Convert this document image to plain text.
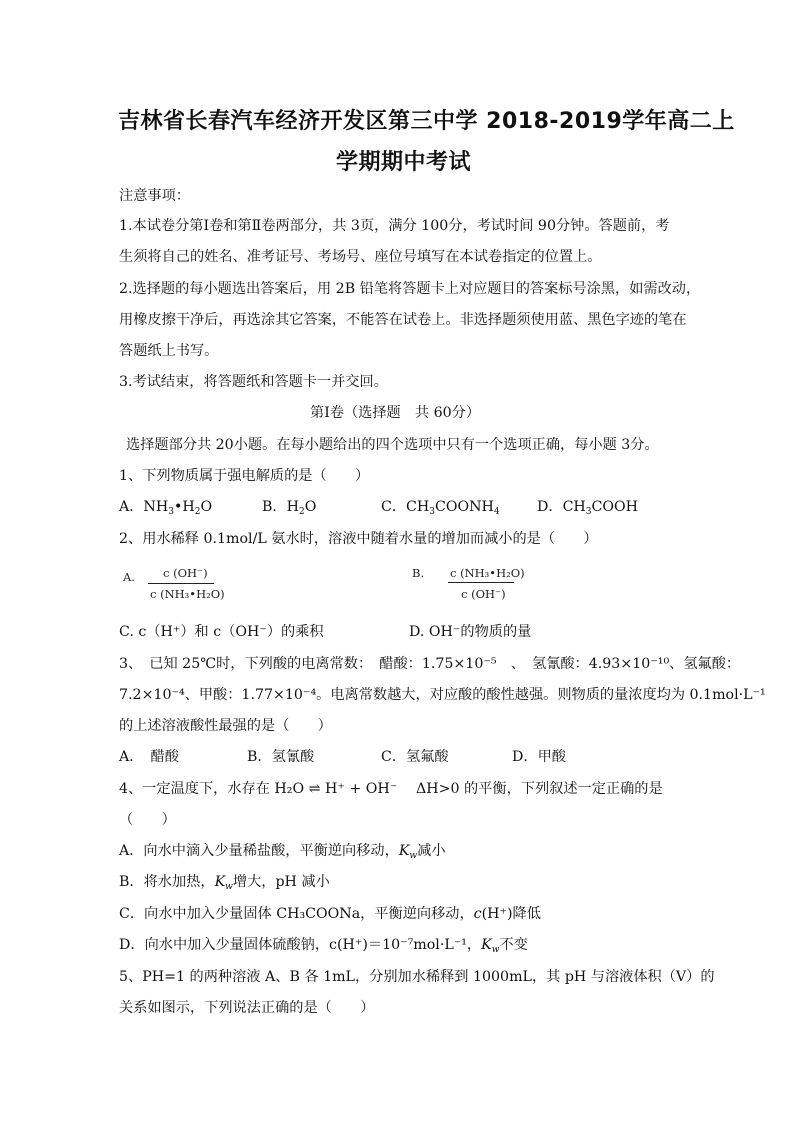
吉林省长春汽车经济开发区第三中学 2018-2019学年高二上
学期期中考试
注意事项：
1.本试卷分第Ⅰ卷和第Ⅱ卷两部分，共 3页，满分 100分，考试时间 90分钟。答题前，考
生须将自己的姓名、准考证号、考场号、座位号填写在本试卷指定的位置上。
2.选择题的每小题选出答案后，用 2B 铅笔将答题卡上对应题目的答案标号涂黑，如需改动，
用橡皮擦干净后，再选涂其它答案，不能答在试卷上。非选择题须使用蓝、黑色字迹的笔在
答题纸上书写。
3.考试结束，将答题纸和答题卡一并交回。
第Ⅰ卷（选择题　共 60分）
选择题部分共 20小题。在每小题给出的四个选项中只有一个选项正确，每小题 3分。
1、下列物质属于强电解质的是（　　）
A．$NH_3•H_2O$	B．$H_2O$	C．$CH_3COONH_4$	D．$CH_3COOH$
2、用水稀释 0.1mol/L 氨水时，溶液中随着水量的增加而减小的是（　　）
A. c (OH⁻)
c (NH₃•H₂O)
B. c (NH₃•H₂O)
c (OH⁻)
C. c（H⁺）和 c（OH⁻）的乘积	D. OH⁻的物质的量
3、　已知 25℃时，下列酸的电离常数：　醋酸：1.75×10⁻⁵　、　氢氰酸：4.93×10⁻¹⁰、氢氟酸：
7.2×10⁻⁴、甲酸：1.77×10⁻⁴。电离常数越大，对应酸的酸性越强。则物质的量浓度均为 0.1mol·L⁻¹
的上述溶液酸性最强的是（　　）
A．　醋酸	B．氢氰酸	C．氢氟酸	D．甲酸
4、一定温度下，水存在 H₂O ⇌ H⁺ + OH⁻　 ΔH>0 的平衡，下列叙述一定正确的是
（　　）
A．向水中滴入少量稀盐酸，平衡逆向移动，$K_w$减小
B．将水加热，$K_w$增大，pH 减小
C．向水中加入少量固体 CH₃COONa，平衡逆向移动，c(H⁺)降低
D．向水中加入少量固体硫酸钠，c(H⁺)＝10⁻⁷mol·L⁻¹，$K_w$不变
5、PH=1 的两种溶液 A、B 各 1mL，分别加水稀释到 1000mL，其 pH 与溶液体积（V）的
关系如图示，下列说法正确的是（　　）
